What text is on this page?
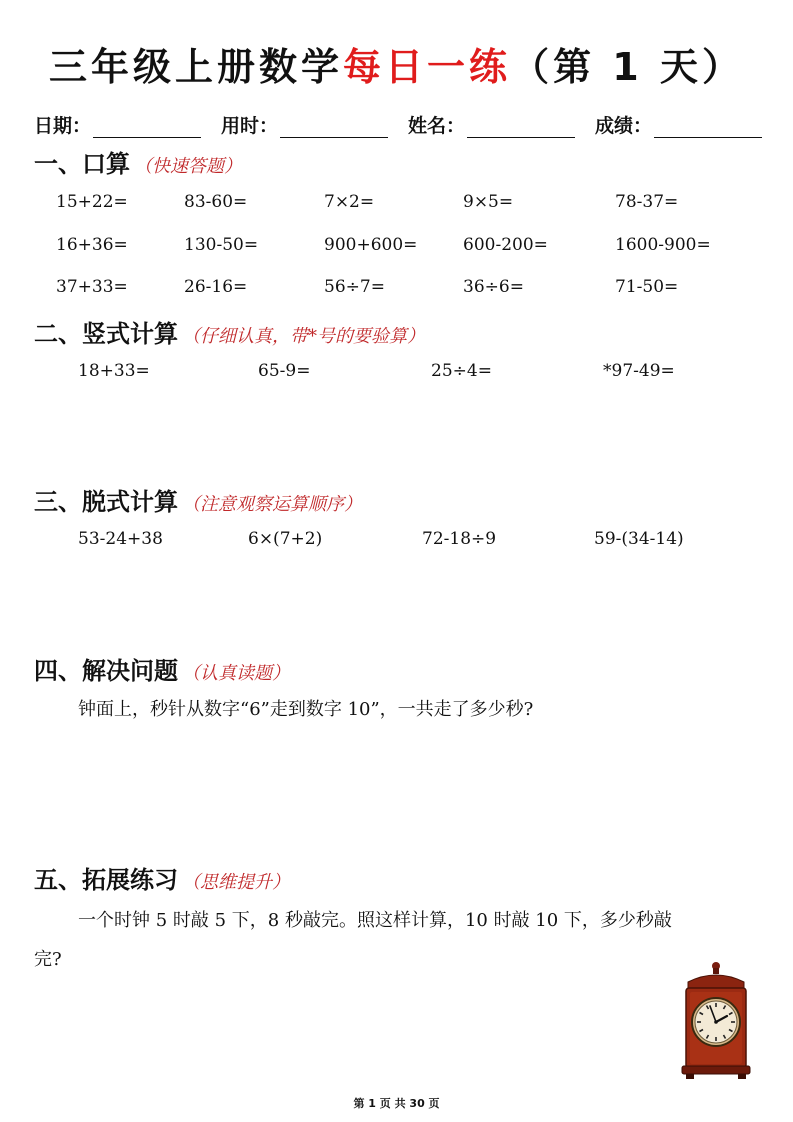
三年级上册数学每日一练（第 1 天）
日期：	用时：	姓名：	成绩：
一、口算 （快速答题）
15+22=	83-60=	7×2=	9×5=	78-37=
16+36=	130-50=	900+600=	600-200=	1600-900=
37+33=	26-16=	56÷7=	36÷6=	71-50=
二、竖式计算 （仔细认真，带*号的要验算）
18+33=	65-9=	25÷4=	*97-49=
三、脱式计算 （注意观察运算顺序）
53-24+38	6×(7+2)	72-18÷9	59-(34-14)
四、解决问题 （认真读题）
钟面上，秒针从数字“6”走到数字 10”，一共走了多少秒?
五、拓展练习 （思维提升）
一个时钟 5 时敲 5 下，8 秒敲完。照这样计算，10 时敲 10 下，多少秒敲
完?
第 1 页 共 30 页
